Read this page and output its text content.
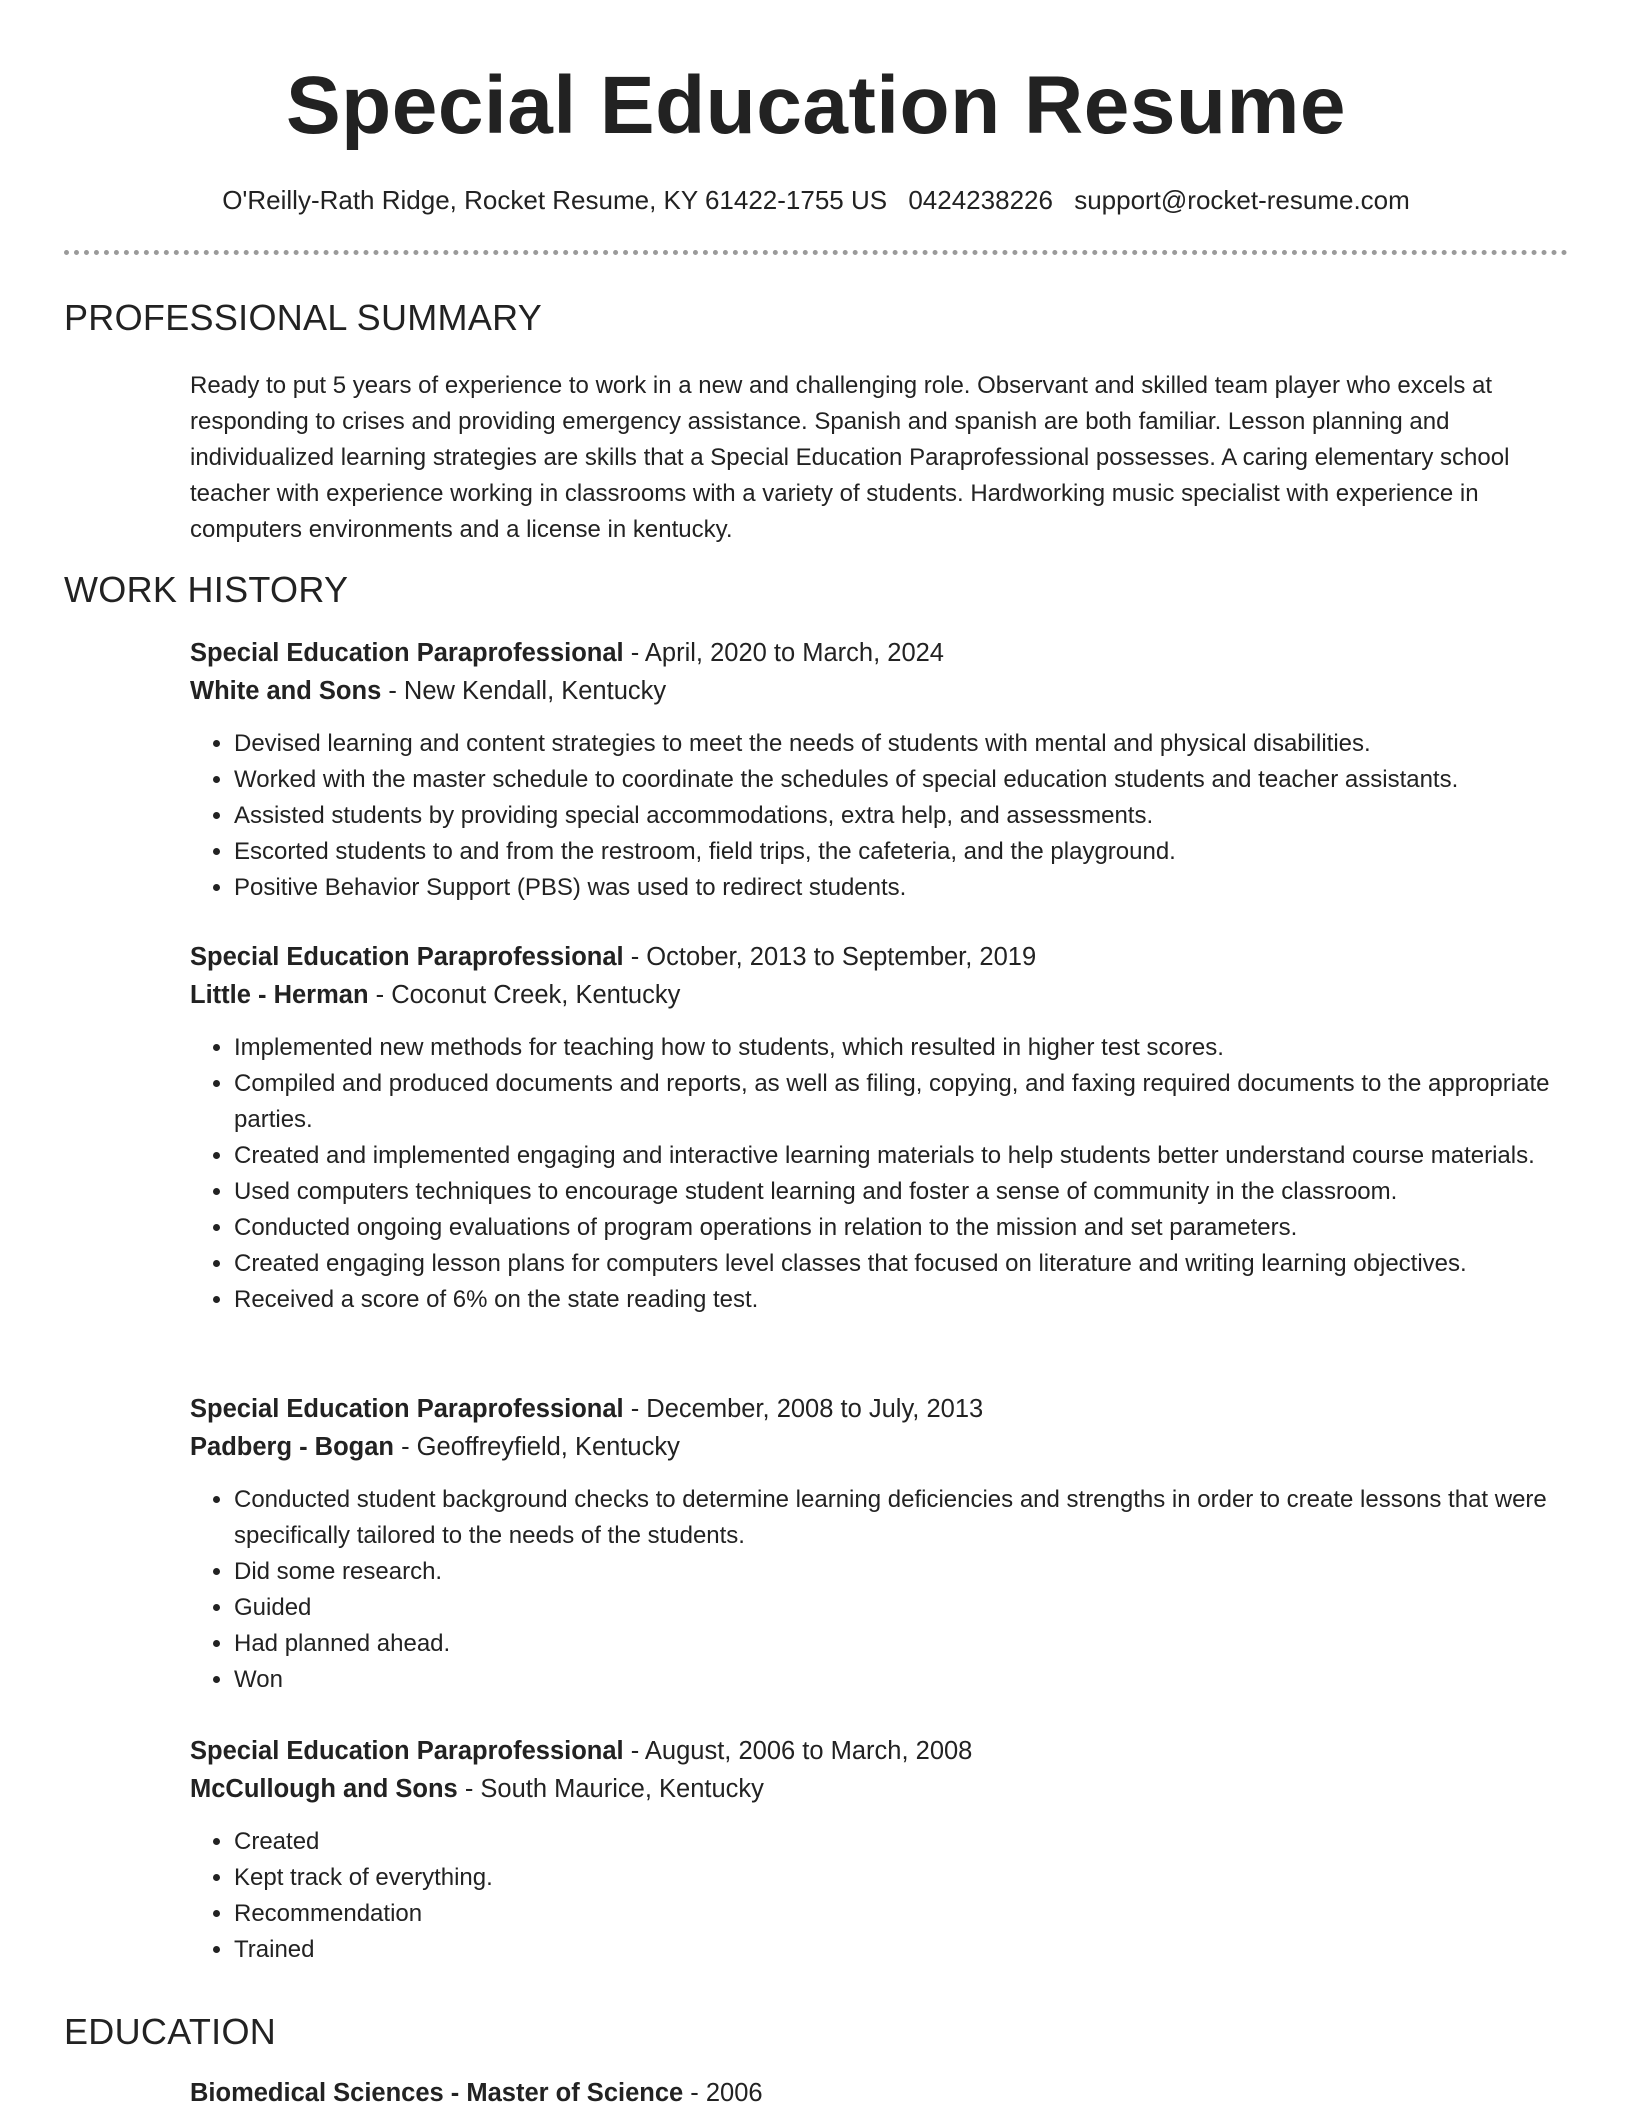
Special Education Resume
O'Reilly-Rath Ridge, Rocket Resume, KY 61422-1755 US 0424238226 support@rocket-resume.com
PROFESSIONAL SUMMARY

Ready to put 5 years of experience to work in a new and challenging role. Observant and skilled team player who excels at responding to crises and providing emergency assistance. Spanish and spanish are both familiar. Lesson planning and individualized learning strategies are skills that a Special Education Paraprofessional possesses. A caring elementary school teacher with experience working in classrooms with a variety of students. Hardworking music specialist with experience in computers environments and a license in kentucky.

WORK HISTORY

Special Education Paraprofessional - April, 2020 to March, 2024

White and Sons - New Kendall, Kentucky

• Devised learning and content strategies to meet the needs of students with mental and physical disabilities.
• Worked with the master schedule to coordinate the schedules of special education students and teacher assistants.
• Assisted students by providing special accommodations, extra help, and assessments.
• Escorted students to and from the restroom, field trips, the cafeteria, and the playground.
• Positive Behavior Support (PBS) was used to redirect students.

Special Education Paraprofessional - October, 2013 to September, 2019

Little - Herman - Coconut Creek, Kentucky

• Implemented new methods for teaching how to students, which resulted in higher test scores.
• Compiled and produced documents and reports, as well as filing, copying, and faxing required documents to the appropriate parties.
• Created and implemented engaging and interactive learning materials to help students better understand course materials.
• Used computers techniques to encourage student learning and foster a sense of community in the classroom.
• Conducted ongoing evaluations of program operations in relation to the mission and set parameters.
• Created engaging lesson plans for computers level classes that focused on literature and writing learning objectives.
• Received a score of 6% on the state reading test.

Special Education Paraprofessional - December, 2008 to July, 2013

Padberg - Bogan - Geoffreyfield, Kentucky

• Conducted student background checks to determine learning deficiencies and strengths in order to create lessons that were specifically tailored to the needs of the students.
• Did some research.
• Guided
• Had planned ahead.
• Won

Special Education Paraprofessional - August, 2006 to March, 2008

McCullough and Sons - South Maurice, Kentucky

• Created
• Kept track of everything.
• Recommendation
• Trained
EDUCATION

Biomedical Sciences - Master of Science - 2006
